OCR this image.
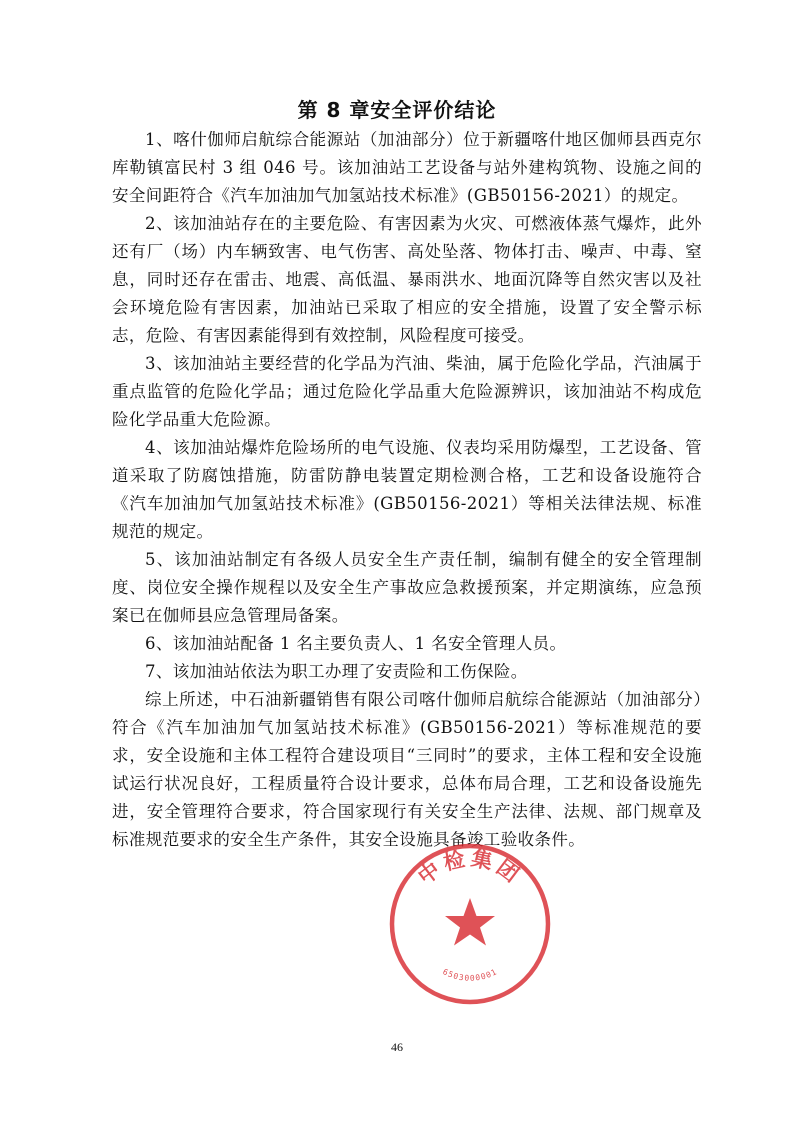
第 8 章安全评价结论

1、喀什伽师启航综合能源站（加油部分）位于新疆喀什地区伽师县西克尔库勒镇富民村 3 组 046 号。该加油站工艺设备与站外建构筑物、设施之间的安全间距符合《汽车加油加气加氢站技术标准》(GB50156-2021）的规定。

2、该加油站存在的主要危险、有害因素为火灾、可燃液体蒸气爆炸，此外还有厂（场）内车辆致害、电气伤害、高处坠落、物体打击、噪声、中毒、窒息，同时还存在雷击、地震、高低温、暴雨洪水、地面沉降等自然灾害以及社会环境危险有害因素，加油站已采取了相应的安全措施，设置了安全警示标志，危险、有害因素能得到有效控制，风险程度可接受。

3、该加油站主要经营的化学品为汽油、柴油，属于危险化学品，汽油属于重点监管的危险化学品；通过危险化学品重大危险源辨识，该加油站不构成危险化学品重大危险源。

4、该加油站爆炸危险场所的电气设施、仪表均采用防爆型，工艺设备、管道采取了防腐蚀措施，防雷防静电装置定期检测合格，工艺和设备设施符合《汽车加油加气加氢站技术标准》(GB50156-2021）等相关法律法规、标准规范的规定。

5、该加油站制定有各级人员安全生产责任制，编制有健全的安全管理制度、岗位安全操作规程以及安全生产事故应急救援预案，并定期演练，应急预案已在伽师县应急管理局备案。

6、该加油站配备 1 名主要负责人、1 名安全管理人员。

7、该加油站依法为职工办理了安责险和工伤保险。

综上所述，中石油新疆销售有限公司喀什伽师启航综合能源站（加油部分）符合《汽车加油加气加氢站技术标准》(GB50156-2021）等标准规范的要求，安全设施和主体工程符合建设项目“三同时”的要求，主体工程和安全设施试运行状况良好，工程质量符合设计要求，总体布局合理，工艺和设备设施先进，安全管理符合要求，符合国家现行有关安全生产法律、法规、部门规章及标准规范要求的安全生产条件，其安全设施具备竣工验收条件。

中检集团
6503000001
46
